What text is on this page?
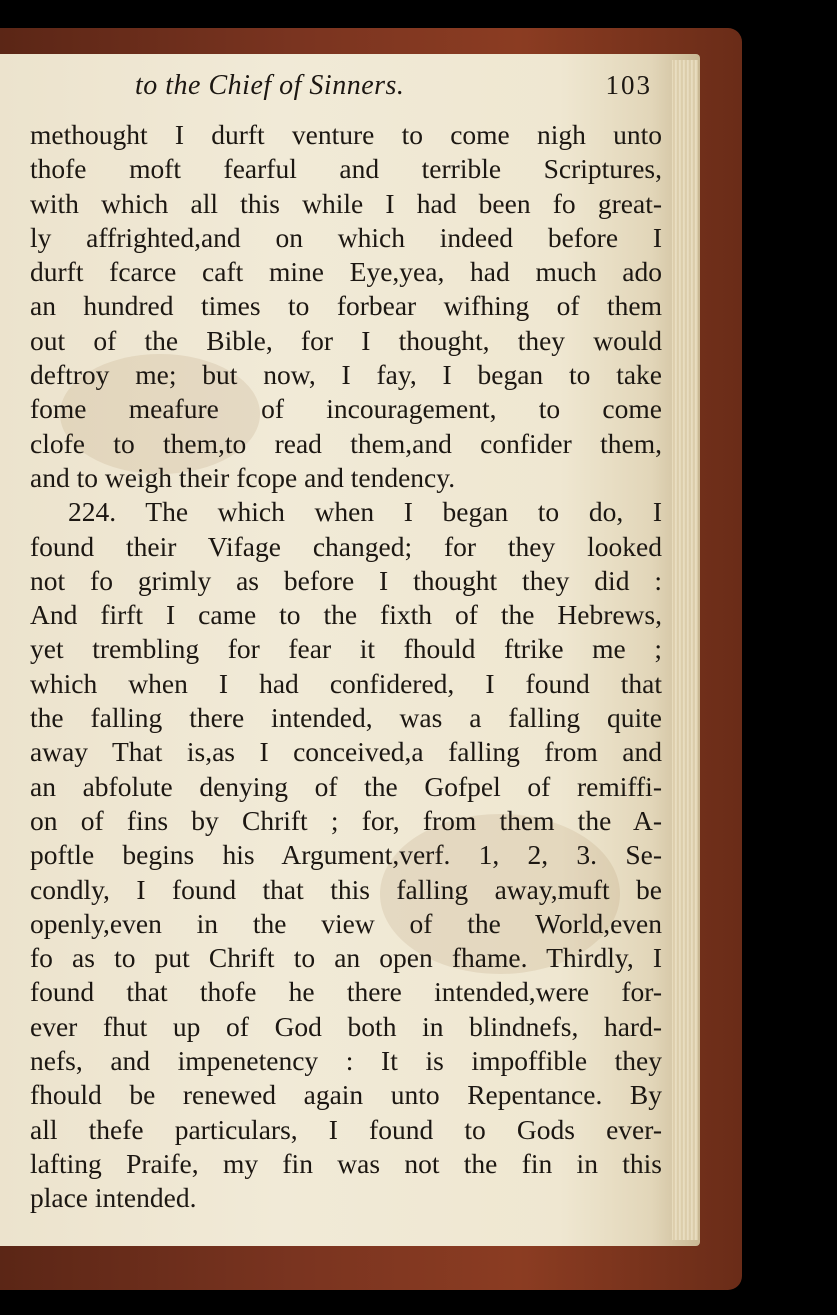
to the Chief of Sinners.	103
methought I durft venture to come nigh unto
thofe moft fearful and terrible Scriptures,
with which all this while I had been fo great-
ly affrighted,and on which indeed before I
durft fcarce caft mine Eye,yea, had much ado
an hundred times to forbear wifhing of them
out of the Bible, for I thought, they would
deftroy me; but now, I fay, I began to take
fome meafure of incouragement, to come
clofe to them,to read them,and confider them,
and to weigh their fcope and tendency.
224. The which when I began to do, I
found their Vifage changed; for they looked
not fo grimly as before I thought they did :
And firft I came to the fixth of the Hebrews,
yet trembling for fear it fhould ftrike me ;
which when I had confidered, I found that
the falling there intended, was a falling quite
away That is,as I conceived,a falling from and
an abfolute denying of the Gofpel of remiffi-
on of fins by Chrift ; for, from them the A-
poftle begins his Argument,verf. 1, 2, 3. Se-
condly, I found that this falling away,muft be
openly,even in the view of the World,even
fo as to put Chrift to an open fhame. Thirdly, I
found that thofe he there intended,were for-
ever fhut up of God both in blindnefs, hard-
nefs, and impenetency : It is impoffible they
fhould be renewed again unto Repentance. By
all thefe particulars, I found to Gods ever-
lafting Praife, my fin was not the fin in this
place intended.
Firft,
